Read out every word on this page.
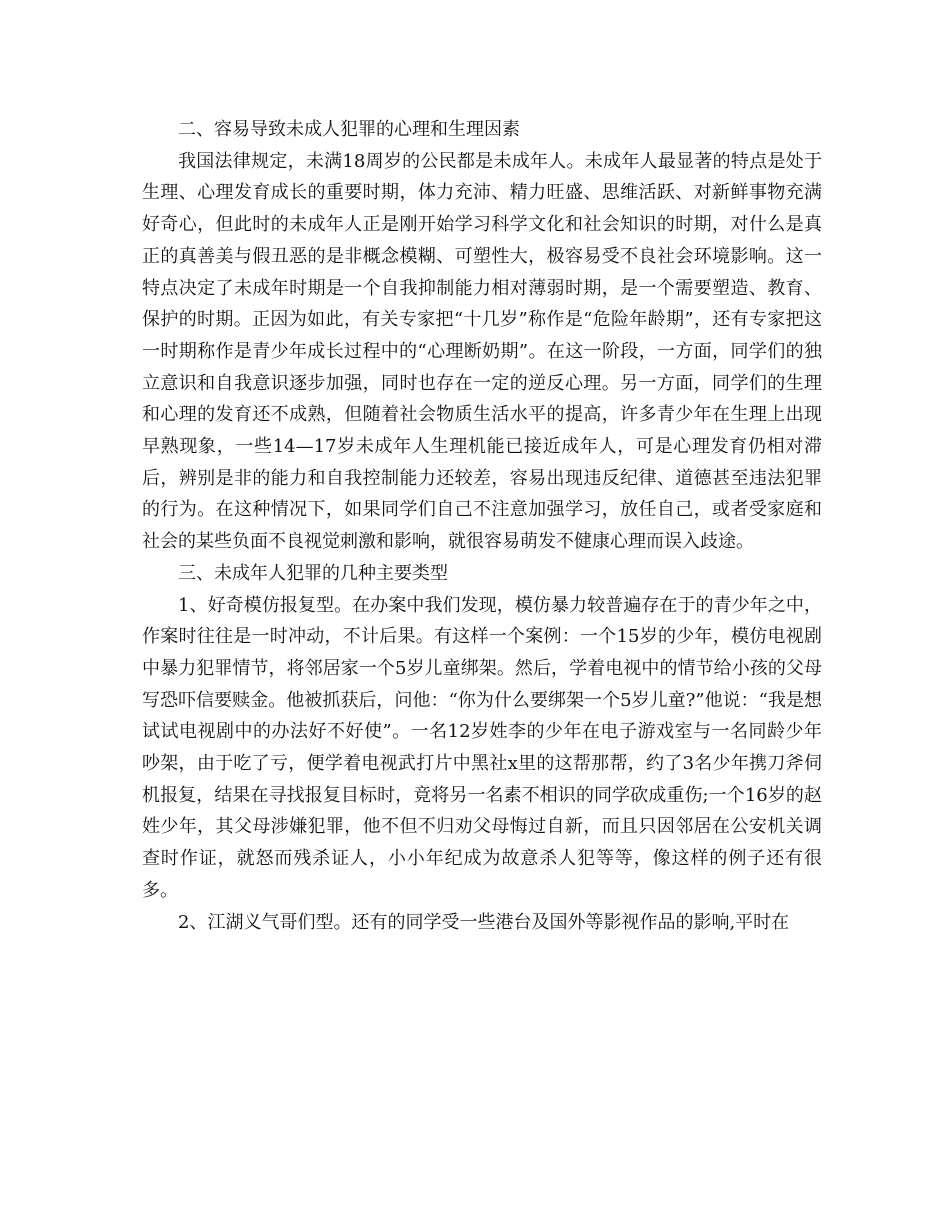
二、容易导致未成人犯罪的心理和生理因素

我国法律规定，未满18周岁的公民都是未成年人。未成年人最显著的特点是处于生理、心理发育成长的重要时期，体力充沛、精力旺盛、思维活跃、对新鲜事物充满好奇心，但此时的未成年人正是刚开始学习科学文化和社会知识的时期，对什么是真正的真善美与假丑恶的是非概念模糊、可塑性大，极容易受不良社会环境影响。这一特点决定了未成年时期是一个自我抑制能力相对薄弱时期，是一个需要塑造、教育、保护的时期。正因为如此，有关专家把“十几岁”称作是“危险年龄期”，还有专家把这一时期称作是青少年成长过程中的“心理断奶期”。在这一阶段，一方面，同学们的独立意识和自我意识逐步加强，同时也存在一定的逆反心理。另一方面，同学们的生理和心理的发育还不成熟，但随着社会物质生活水平的提高，许多青少年在生理上出现早熟现象，一些14—17岁未成年人生理机能已接近成年人，可是心理发育仍相对滞后，辨别是非的能力和自我控制能力还较差，容易出现违反纪律、道德甚至违法犯罪的行为。在这种情况下，如果同学们自己不注意加强学习，放任自己，或者受家庭和社会的某些负面不良视觉刺激和影响，就很容易萌发不健康心理而误入歧途。

三、未成年人犯罪的几种主要类型

1、好奇模仿报复型。在办案中我们发现，模仿暴力较普遍存在于的青少年之中，作案时往往是一时冲动，不计后果。有这样一个案例：一个15岁的少年，模仿电视剧中暴力犯罪情节，将邻居家一个5岁儿童绑架。然后，学着电视中的情节给小孩的父母写恐吓信要赎金。他被抓获后，问他：“你为什么要绑架一个5岁儿童?”他说：“我是想试试电视剧中的办法好不好使”。一名12岁姓李的少年在电子游戏室与一名同龄少年吵架，由于吃了亏，便学着电视武打片中黑社x里的这帮那帮，约了3名少年携刀斧伺机报复，结果在寻找报复目标时，竟将另一名素不相识的同学砍成重伤;一个16岁的赵姓少年，其父母涉嫌犯罪，他不但不归劝父母悔过自新，而且只因邻居在公安机关调查时作证，就怒而残杀证人，小小年纪成为故意杀人犯等等，像这样的例子还有很多。

2、江湖义气哥们型。还有的同学受一些港台及国外等影视作品的影响,平时在
